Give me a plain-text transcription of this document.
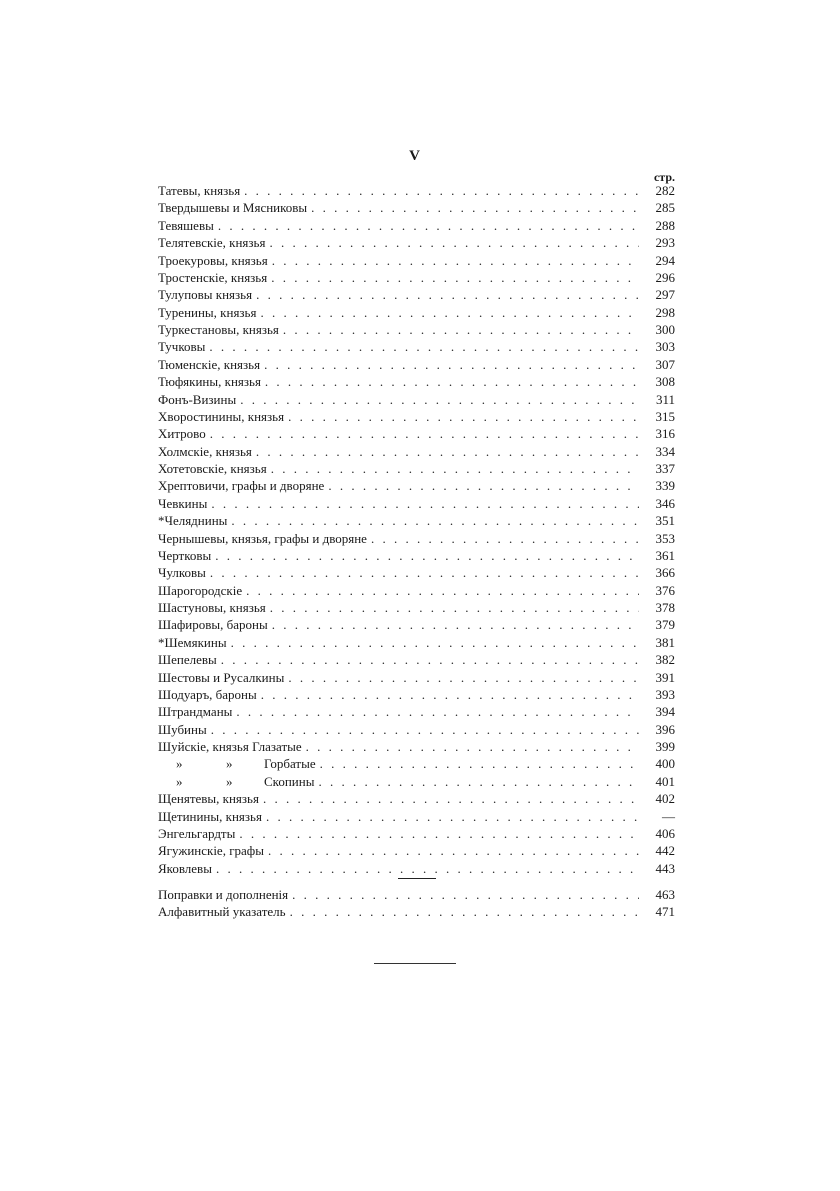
V
стр.
Татевы, князья . . .	282
Твердышевы и Мясниковы . . .	285
Тевяшевы . . .	288
Телятевскіе, князья . . .	293
Троекуровы, князья . . .	294
Тростенскіе, князья . . .	296
Тулуповы князья . . .	297
Туренины, князья . . .	298
Туркестановы, князья . . .	300
Тучковы . . .	303
Тюменскіе, князья . . .	307
Тюфякины, князья . . .	308
Фонъ-Визины . . .	311
Хворостинины, князья . . .	315
Хитрово . . .	316
Холмскіе, князья . . .	334
Хотетовскіе, князья . . .	337
Хрептовичи, графы и дворяне . . .	339
Чевкины . . .	346
*Челяднины . . .	351
Чернышевы, князья, графы и дворяне . . .	353
Чертковы . . .	361
Чулковы . . .	366
Шарогородскіе . . .	376
Шастуновы, князья . . .	378
Шафировы, бароны . . .	379
*Шемякины . . .	381
Шепелевы . . .	382
Шестовы и Русалкины . . .	391
Шодуаръ, бароны . . .	393
Штрандманы . . .	394
Шубины . . .	396
Шуйскіе, князья Глазатые . . .	399
»	»	Горбатые . . .	400
»	»	Скопины . . .	401
Щенятевы, князья . . .	402
Щетинины, князья . . .	—
Энгельгардты . . .	406
Ягужинскіе, графы . . .	442
Яковлевы . . .	443
Поправки и дополненія . . .	463
Алфавитный указатель . . .	471
